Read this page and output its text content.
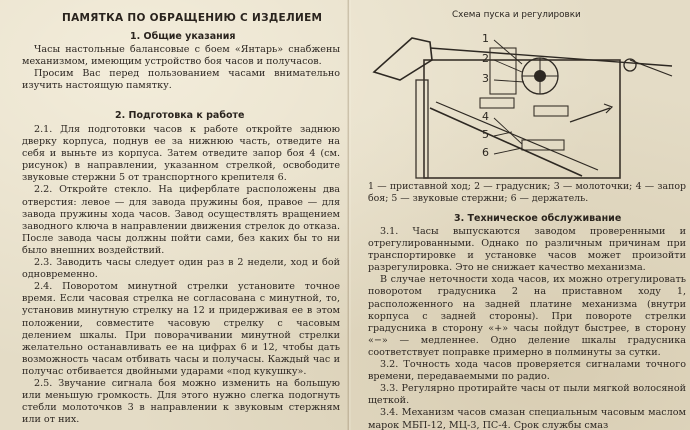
ПАМЯТКА ПО ОБРАЩЕНИЮ С ИЗДЕЛИЕМ
1. Общие указания

Часы настольные балансовые с боем «Янтарь» снабжены механизмом, имеющим устройство боя часов и получасов.

Просим Вас перед пользованием часами внимательно изучить настоящую памятку.

2. Подготовка к работе

2.1. Для подготовки часов к работе откройте заднюю дверку корпуса, поднув ее за нижнюю часть, отведите на себя и выньте из корпуса. Затем отведите запор боя 4 (см. рисунок) в направлении, указанном стрелкой, освободите звуковые стержни 5 от транспортного крепителя 6.

2.2. Откройте стекло. На циферблате расположены два отверстия: левое — для завода пружины боя, правое — для завода пружины хода часов. Завод осуществлять вращением заводного ключа в направлении движения стрелок до отказа. После завода часы должны пойти сами, без каких бы то ни было внешних воздействий.

2.3. Заводить часы следует один раз в 2 недели, ход и бой одновременно.

2.4. Поворотом минутной стрелки установите точное время. Если часовая стрелка не согласована с минутной, то, установив минутную стрелку на 12 и придерживая ее в этом положении, совместите часовую стрелку с часовым делением шкалы. При поворачивании минутной стрелки желательно останавливать ее на цифрах 6 и 12, чтобы дать возможность часам отбивать часы и получасы. Каждый час и получас отбивается двойными ударами «под кукушку».

2.5. Звучание сигнала боя можно изменить на большую или меньшую громкость. Для этого нужно слегка подогнуть стебли молоточков 3 в направлении к звуковым стержням или от них.

Схема пуска и регулировки
1
2
3
4
5
6
1 — приставной ход; 2 — градусник; 3 — молоточки; 4 — запор боя; 5 — звуковые стержни; 6 — держатель.
3. Техническое обслуживание

3.1. Часы выпускаются заводом проверенными и отрегулированными. Однако по различным причинам при транспортировке и установке часов может произойти разрегулировка. Это не снижает качество механизма.

В случае неточности хода часов, их можно отрегулировать поворотом градусника 2 на приставном ходу 1, расположенного на задней платине механизма (внутри корпуса с задней стороны). При повороте стрелки градусника в сторону «+» часы пойдут быстрее, в сторону «−» — медленнее. Одно деление шкалы градусника соответствует поправке примерно в полминуты за сутки.

3.2. Точность хода часов проверяется сигналами точного времени, передаваемыми по радио.

3.3. Регулярно протирайте часы от пыли мягкой волосяной щеткой.

3.4. Механизм часов смазан специальным часовым маслом марок МБП-12, МЦ-3, ПС-4. Срок службы смаз
